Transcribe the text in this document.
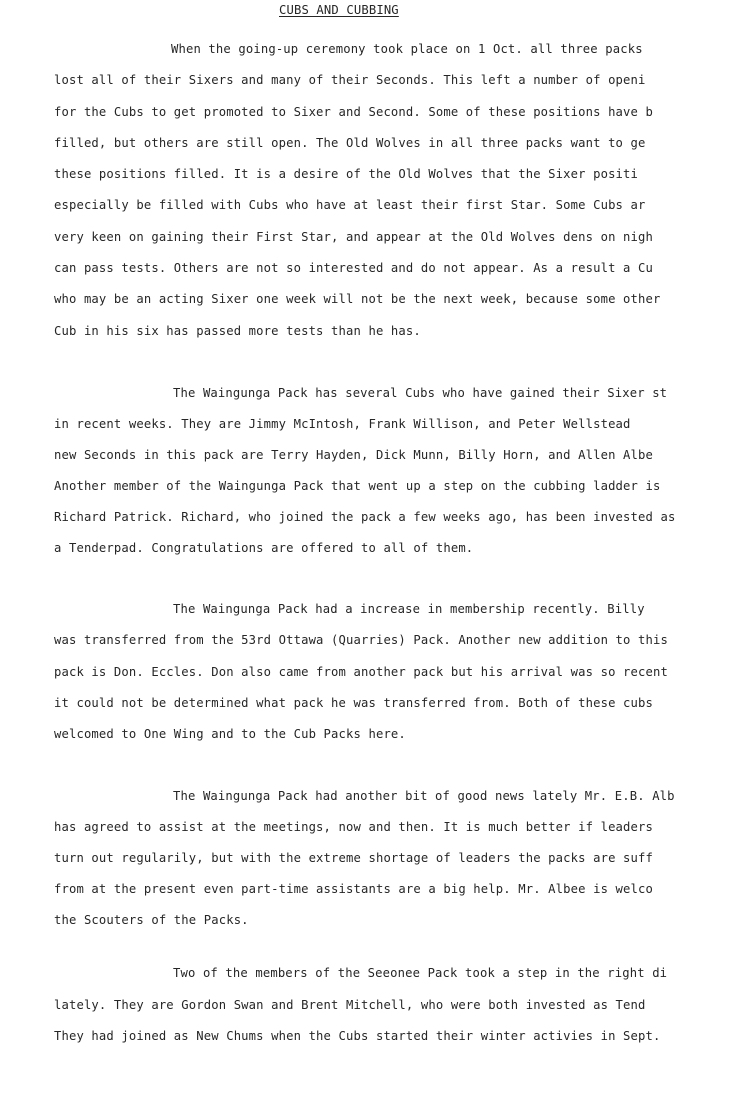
CUBS AND CUBBING
When the going-up ceremony took place on 1 Oct. all three packs
lost all of their Sixers and many of their Seconds. This left a number of openi
for the Cubs to get promoted to Sixer and Second. Some of these positions have b
filled, but others are still open. The Old Wolves in all three packs want to ge
these positions filled. It is a desire of the Old Wolves that the Sixer positi
especially be filled with Cubs who have at least their first Star. Some Cubs ar
very keen on gaining their First Star, and appear at the Old Wolves dens on nigh
can pass tests. Others are not so interested and do not appear. As a result a Cu
who may be an acting Sixer one week will not be the next week, because some other
Cub in his six has passed more tests than he has.
The Waingunga Pack has several Cubs who have gained their Sixer st
in recent weeks. They are Jimmy McIntosh, Frank Willison, and Peter Wellstead
new Seconds in this pack are Terry Hayden, Dick Munn, Billy Horn, and Allen Albe
Another member of the Waingunga Pack that went up a step on the cubbing ladder is
Richard Patrick. Richard, who joined the pack a few weeks ago, has been invested as
a Tenderpad. Congratulations are offered to all of them.
The Waingunga Pack had a increase in membership recently. Billy
was transferred from the 53rd Ottawa (Quarries) Pack. Another new addition to this
pack is Don. Eccles. Don also came from another pack but his arrival was so recent
it could not be determined what pack he was transferred from. Both of these cubs
welcomed to One Wing and to the Cub Packs here.
The Waingunga Pack had another bit of good news lately Mr. E.B. Alb
has agreed to assist at the meetings, now and then. It is much better if leaders
turn out regularily, but with the extreme shortage of leaders the packs are suff
from at the present even part-time assistants are a big help. Mr. Albee is welco
the Scouters of the Packs.
Two of the members of the Seeonee Pack took a step in the right di
lately. They are Gordon Swan and Brent Mitchell, who were both invested as Tend
They had joined as New Chums when the Cubs started their winter activies in Sept.
